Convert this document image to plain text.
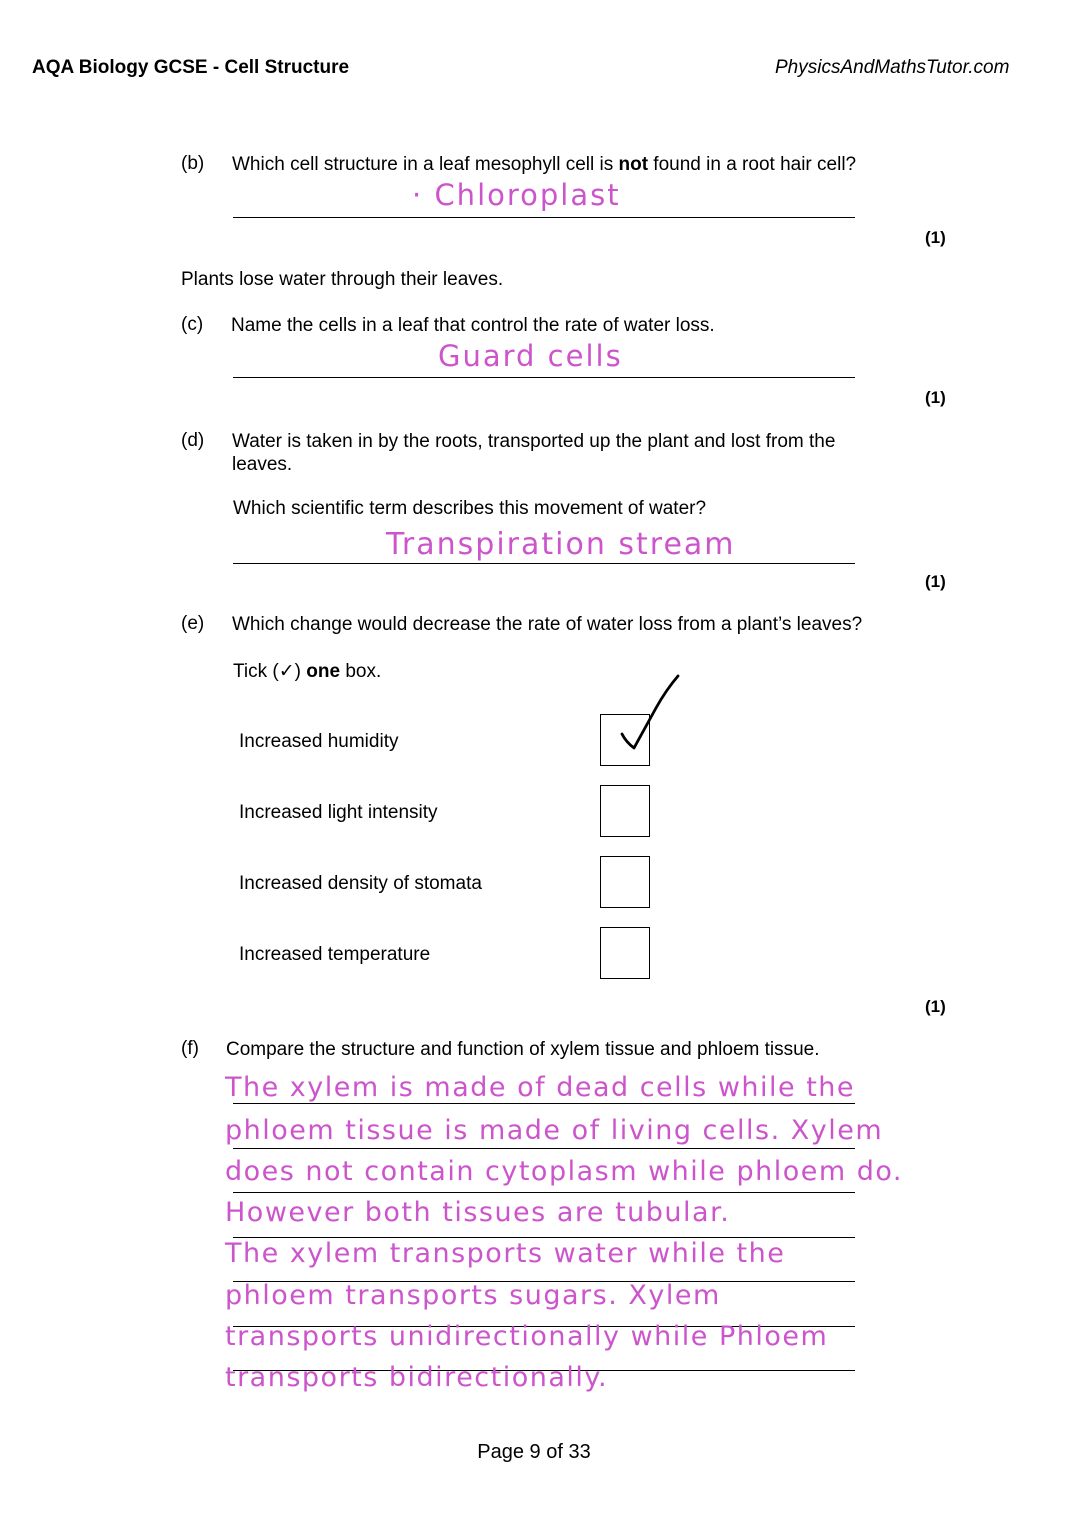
AQA Biology GCSE - Cell Structure	PhysicsAndMathsTutor.com
(b) Which cell structure in a leaf mesophyll cell is not found in a root hair cell?
· Chloroplast
(1)
Plants lose water through their leaves.
(c) Name the cells in a leaf that control the rate of water loss.
Guard cells
(1)
(d) Water is taken in by the roots, transported up the plant and lost from the
leaves.
Which scientific term describes this movement of water?
Transpiration stream
(1)
(e) Which change would decrease the rate of water loss from a plant’s leaves?
Tick (✓) one box.
Increased humidity
Increased light intensity
Increased density of stomata
Increased temperature
(1)
(f) Compare the structure and function of xylem tissue and phloem tissue.
The xylem is made of dead cells while the
phloem tissue is made of living cells. Xylem
does not contain cytoplasm while phloem do.
However both tissues are tubular.
The xylem transports water while the
phloem transports sugars. Xylem
transports unidirectionally while Phloem
transports bidirectionally.
Page 9 of 33
